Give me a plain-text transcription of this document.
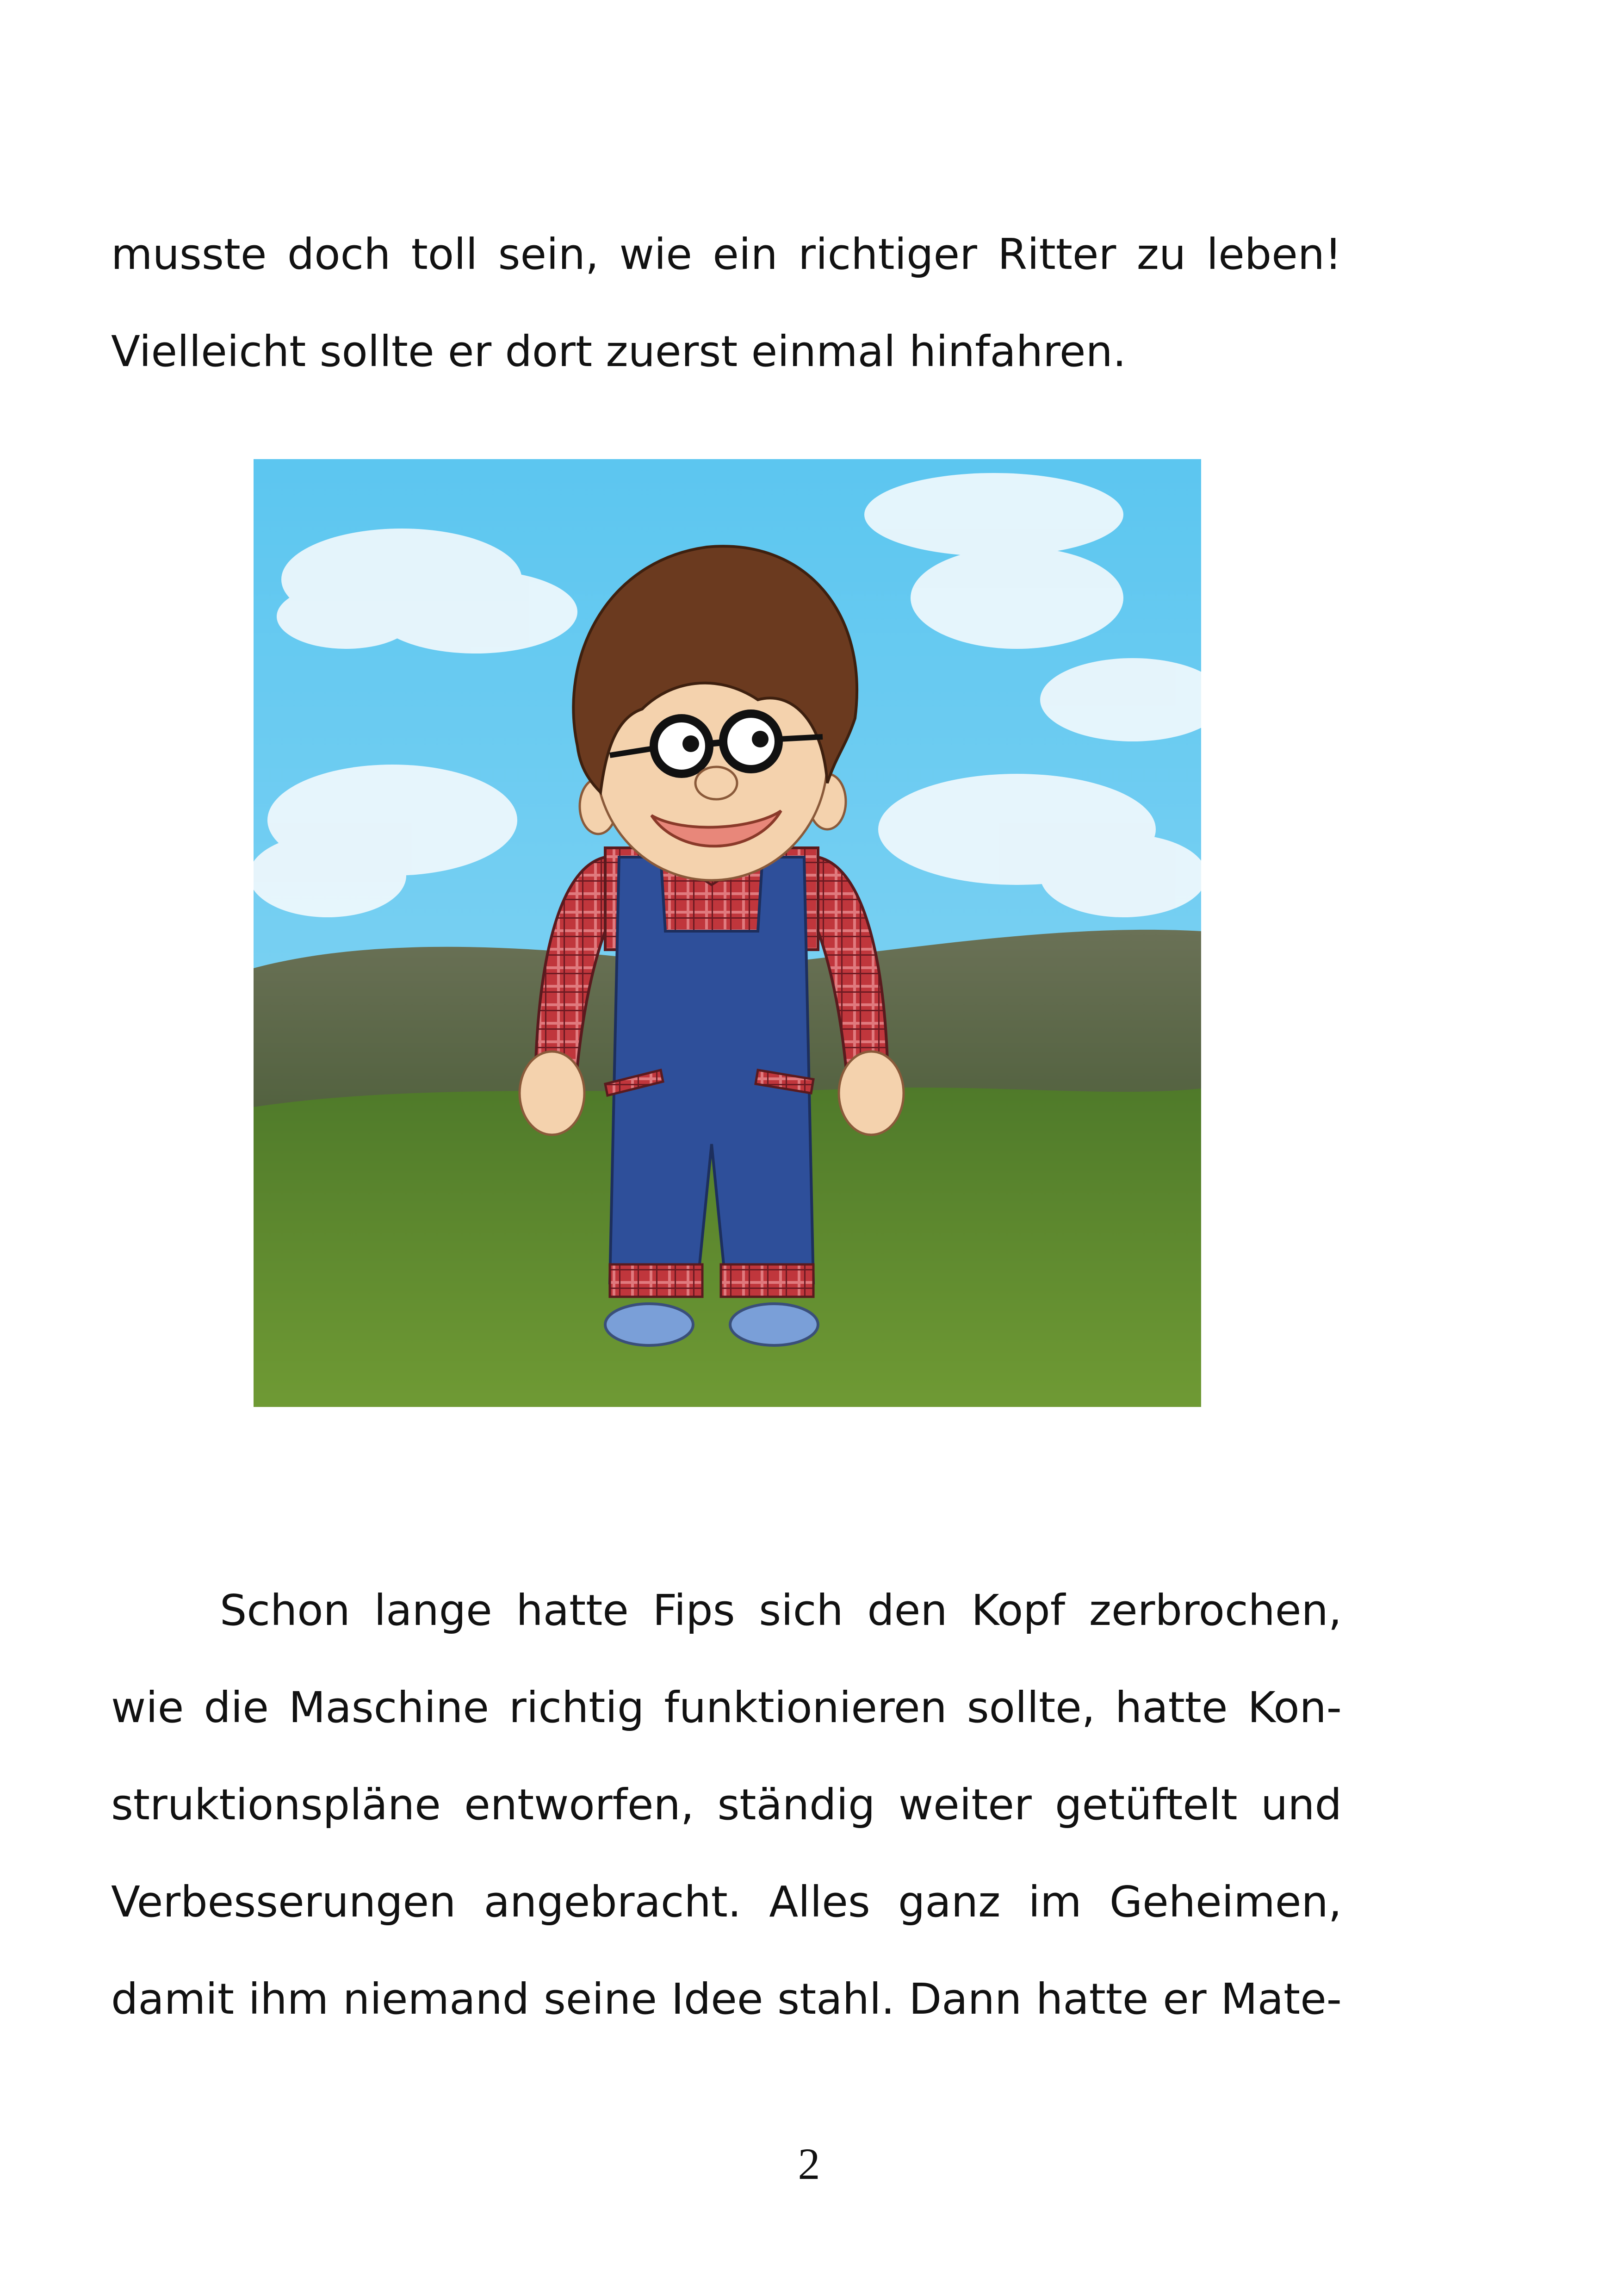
musste doch toll sein, wie ein richtiger Ritter zu leben!
Vielleicht sollte er dort zuerst einmal hinfahren.
Schon lange hatte Fips sich den Kopf zerbrochen,
wie die Maschine richtig funktionieren sollte, hatte Kon-
struktionspläne entworfen, ständig weiter getüftelt und
Verbesserungen angebracht. Alles ganz im Geheimen,
damit ihm niemand seine Idee stahl. Dann hatte er Mate-
2
